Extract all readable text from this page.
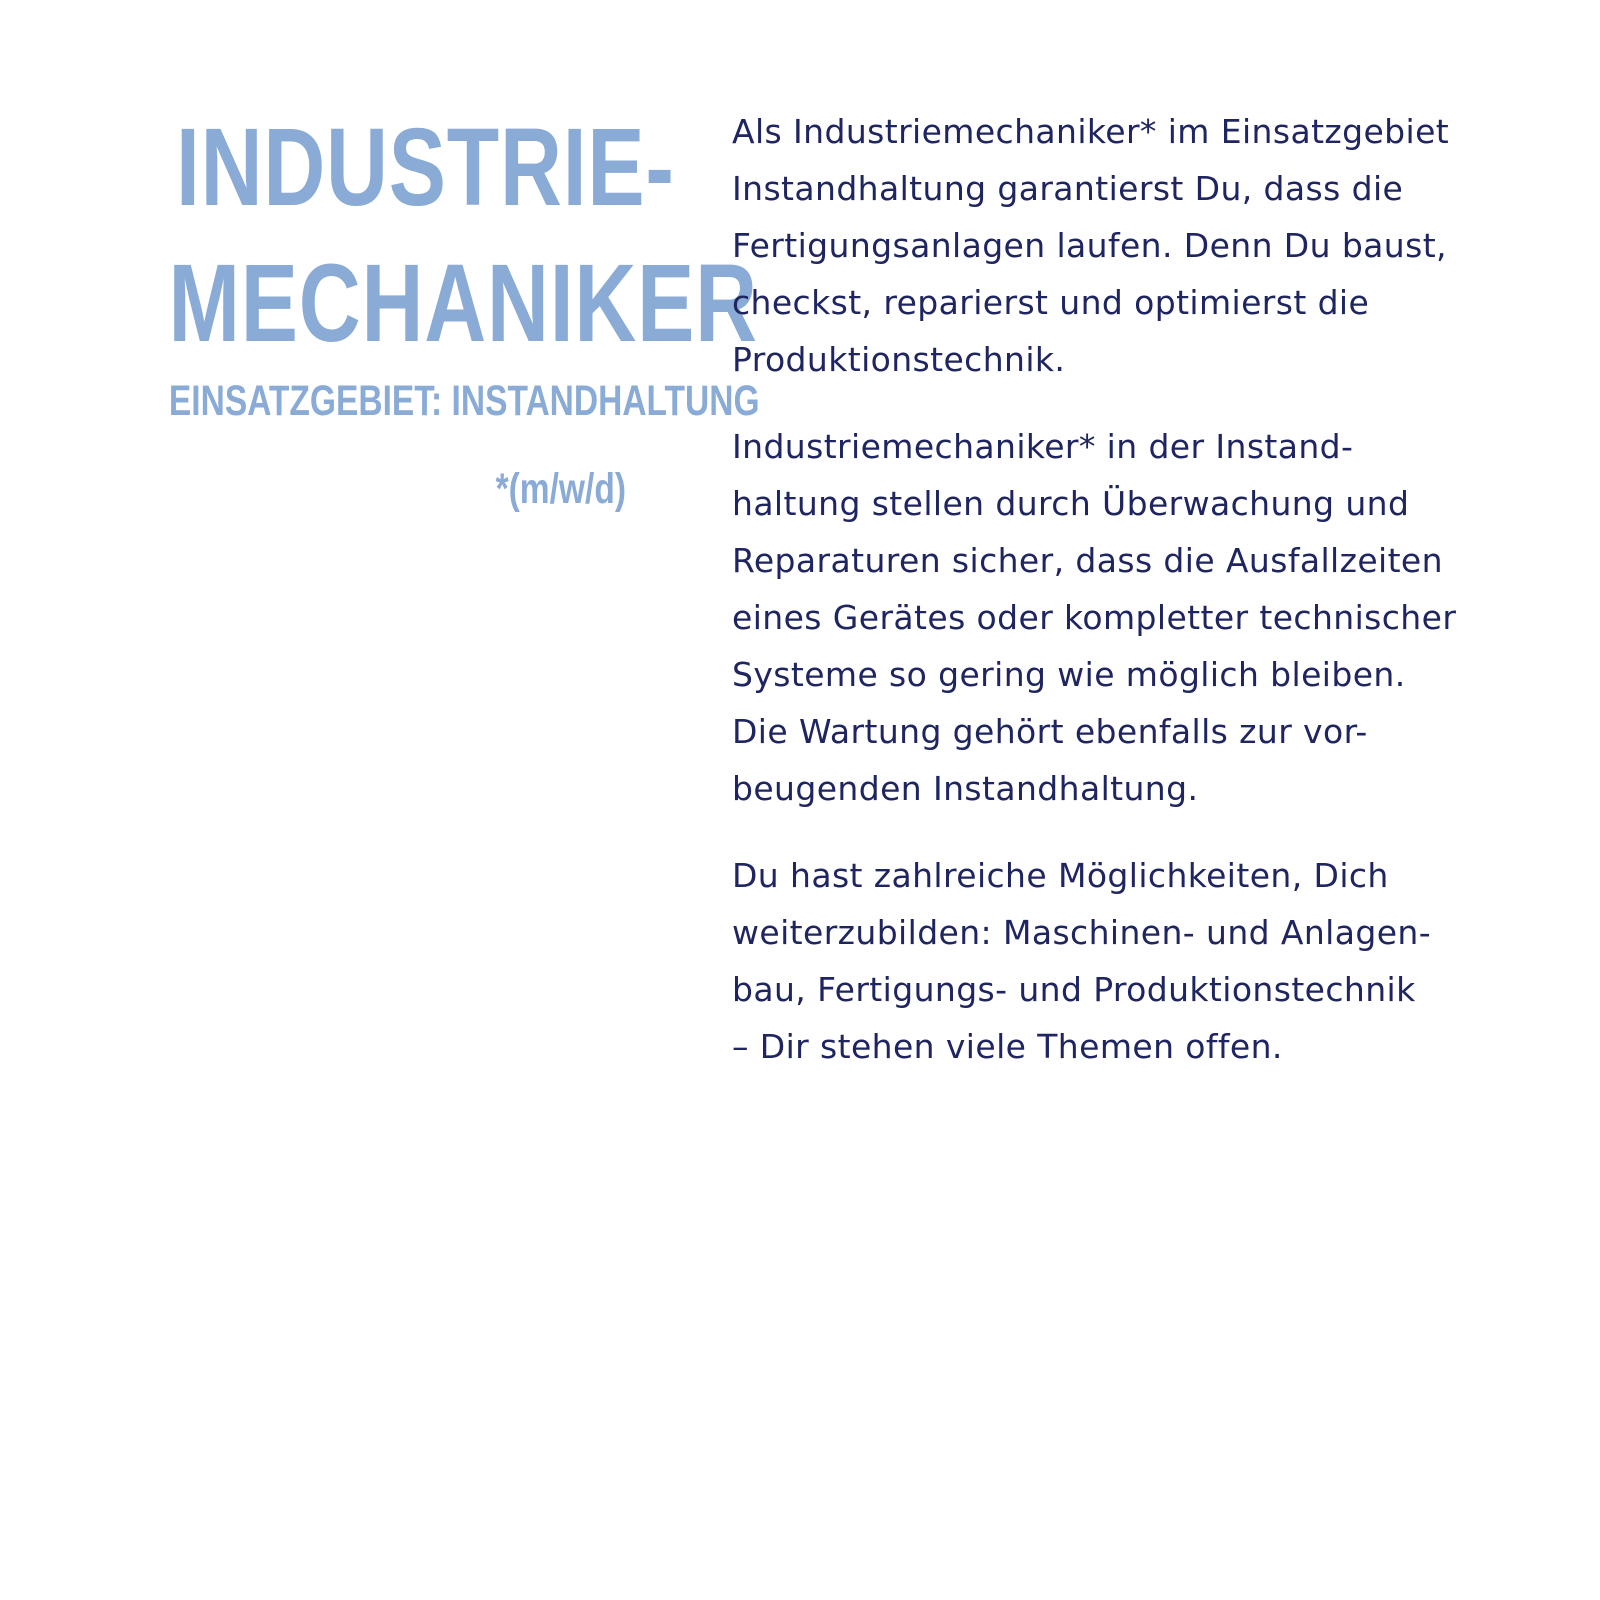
INDUSTRIE-
MECHANIKER
EINSATZGEBIET: INSTANDHALTUNG
*(m/w/d)

Als Industriemechaniker* im Einsatzgebiet
Instandhaltung garantierst Du, dass die
Fertigungsanlagen laufen. Denn Du baust,
checkst, reparierst und optimierst die
Produktionstechnik.

Industriemechaniker* in der Instand-
haltung stellen durch Überwachung und
Reparaturen sicher, dass die Ausfallzeiten
eines Gerätes oder kompletter technischer
Systeme so gering wie möglich bleiben.
Die Wartung gehört ebenfalls zur vor-
beugenden Instandhaltung.

Du hast zahlreiche Möglichkeiten, Dich
weiterzubilden: Maschinen- und Anlagen-
bau, Fertigungs- und Produktionstechnik
– Dir stehen viele Themen offen.
